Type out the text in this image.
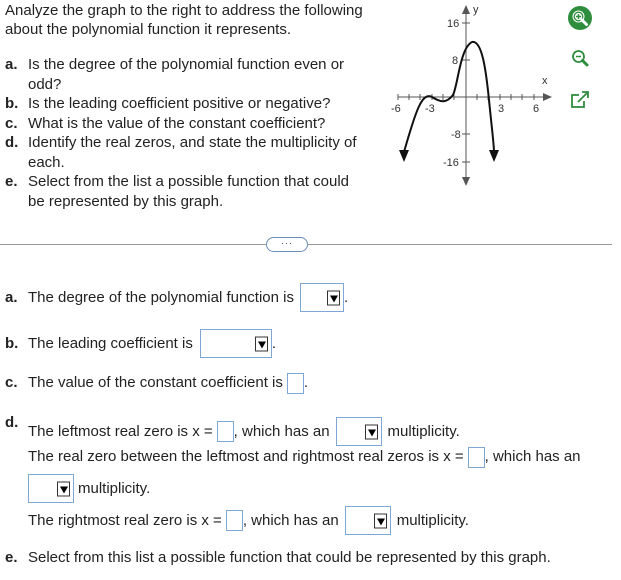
Analyze the graph to the right to address the following about the polynomial function it represents.
a. Is the degree of the polynomial function even or odd?
b. Is the leading coefficient positive or negative?
c. What is the value of the constant coefficient?
d. Identify the real zeros, and state the multiplicity of each.
e. Select from the list a possible function that could be represented by this graph.
-6 -3	3	6
16
8
-8
-16
y
x
···
a. The degree of the polynomial function is	.
b. The leading coefficient is	.
c. The value of the constant coefficient is .
d. The leftmost real zero is x = , which has an	multiplicity.
The real zero between the leftmost and rightmost real zeros is x = , which has an
multiplicity.
The rightmost real zero is x = , which has an	multiplicity.
e. Select from this list a possible function that could be represented by this graph.
